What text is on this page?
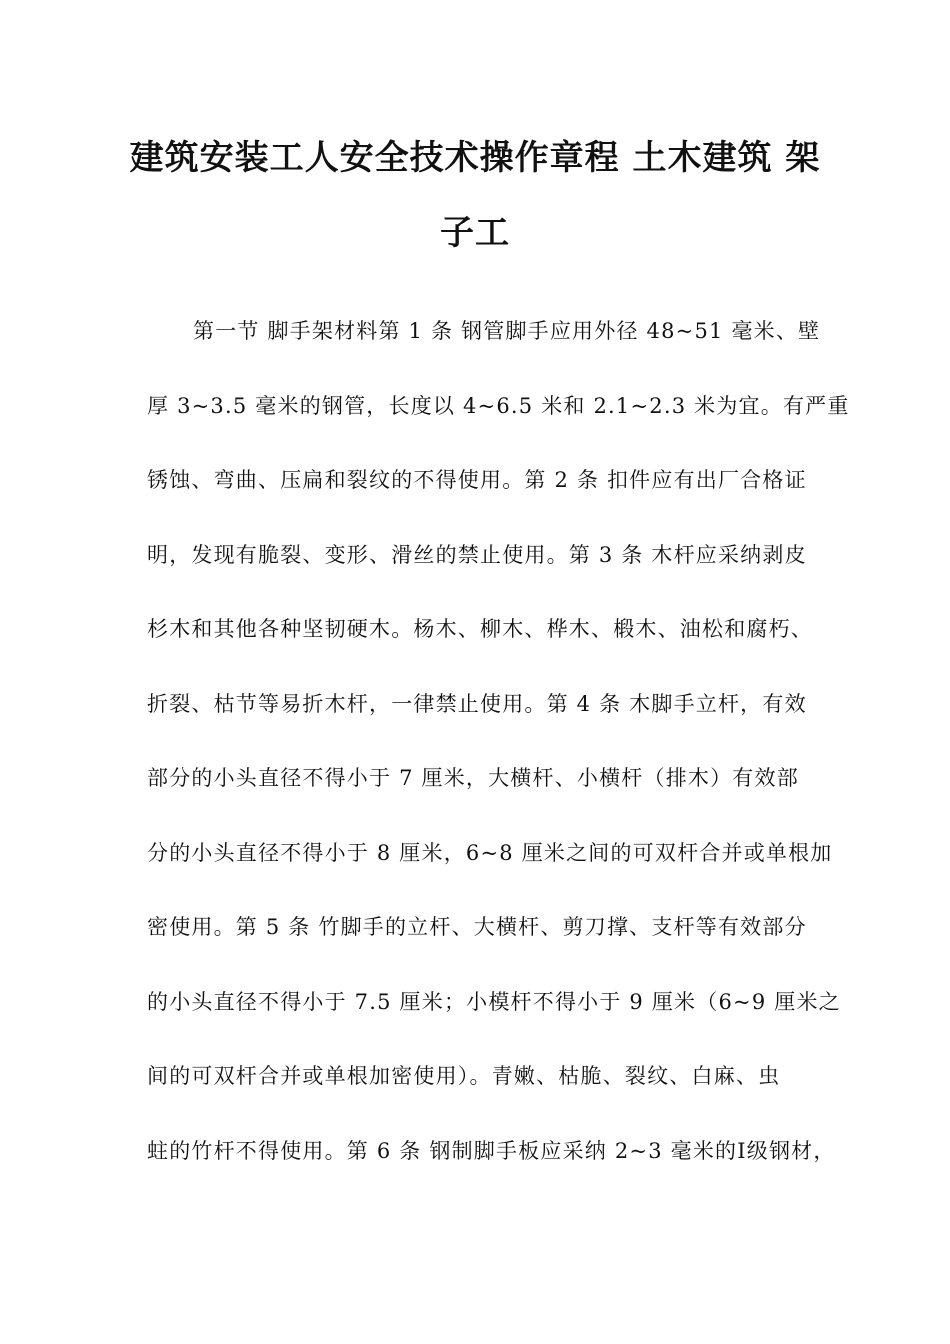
建筑安装工人安全技术操作章程 土木建筑 架
子工
第一节 脚手架材料第 1 条 钢管脚手应用外径 48~51 毫米、壁
厚 3~3.5 毫米的钢管，长度以 4~6.5 米和 2.1~2.3 米为宜。有严重
锈蚀、弯曲、压扁和裂纹的不得使用。第 2 条 扣件应有出厂合格证
明，发现有脆裂、变形、滑丝的禁止使用。第 3 条 木杆应采纳剥皮
杉木和其他各种坚韧硬木。杨木、柳木、桦木、椴木、油松和腐朽、
折裂、枯节等易折木杆，一律禁止使用。第 4 条 木脚手立杆，有效
部分的小头直径不得小于 7 厘米，大横杆、小横杆（排木）有效部
分的小头直径不得小于 8 厘米，6~8 厘米之间的可双杆合并或单根加
密使用。第 5 条 竹脚手的立杆、大横杆、剪刀撑、支杆等有效部分
的小头直径不得小于 7.5 厘米；小模杆不得小于 9 厘米（6~9 厘米之
间的可双杆合并或单根加密使用）。青嫩、枯脆、裂纹、白麻、虫
蛀的竹杆不得使用。第 6 条 钢制脚手板应采纳 2~3 毫米的Ⅰ级钢材，
